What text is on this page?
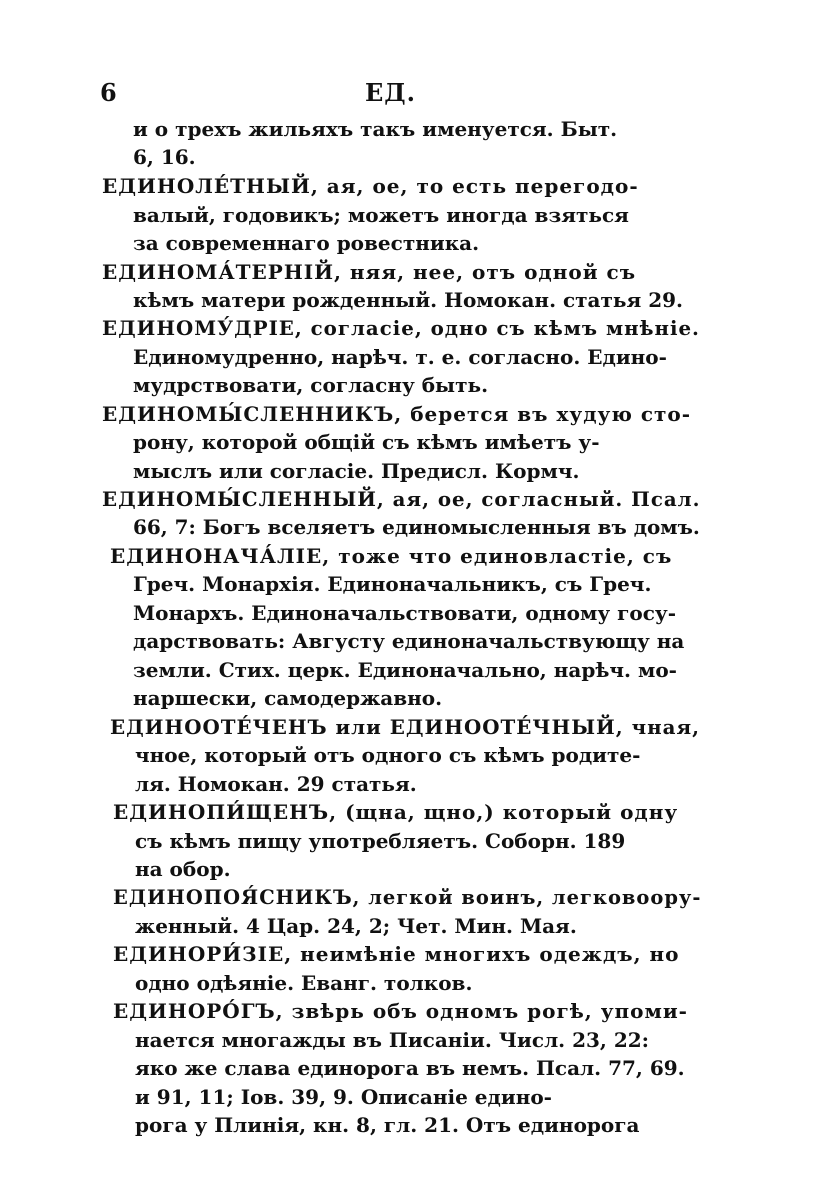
6	ЕД.
и о трехъ жильяхъ такъ именуется. Быт.
6, 16.
ЕДИНОЛЕ́ТНЫЙ, ая, ое, то есть перегодо-
валый, годовикъ; можетъ иногда взяться
за современнаго ровестника.
ЕДИНОМА́ТЕРНІЙ, няя, нее, отъ одной съ
кѣмъ матери рожденный. Номокан. статья 29.
ЕДИНОМУ́ДРІЕ, согласіе, одно съ кѣмъ мнѣніе.
Единомудренно, нарѣч. т. е. согласно. Едино-
мудрствовати, согласну быть.
ЕДИНОМЫ́СЛЕННИКЪ, берется въ худую сто-
рону, которой общій съ кѣмъ имѣетъ у-
мыслъ или согласіе. Предисл. Кормч.
ЕДИНОМЫ́СЛЕННЫЙ, ая, ое, согласный. Псал.
66, 7: Богъ вселяетъ единомысленныя въ домъ.
ЕДИНОНАЧА́ЛІЕ, тоже что единовластіе, съ
Греч. Монархія. Единоначальникъ, съ Греч.
Монархъ. Единоначальствовати, одному госу-
дарствовать: Августу единоначальствующу на
земли. Стих. церк. Единоначально, нарѣч. мо-
наршески, самодержавно.
ЕДИНООТЕ́ЧЕНЪ или ЕДИНООТЕ́ЧНЫЙ, чная,
чное, который отъ одного съ кѣмъ родите-
ля. Номокан. 29 статья.
ЕДИНОПИ́ЩЕНЪ, (щна, щно,) который одну
съ кѣмъ пищу употребляетъ. Соборн. 189
на обор.
ЕДИНОПОЯ́СНИКЪ, легкой воинъ, легковоору-
женный. 4 Цар. 24, 2; Чет. Мин. Мая.
ЕДИНОРИ́ЗІЕ, неимѣніе многихъ одеждъ, но
одно одѣяніе. Еванг. толков.
ЕДИНОРО́ГЪ, звѣрь объ одномъ рогѣ, упоми-
нается многажды въ Писаніи. Числ. 23, 22:
яко же слава единорога въ немъ. Псал. 77, 69.
и 91, 11; Іов. 39, 9. Описаніе едино-
рога у Плинія, кн. 8, гл. 21. Отъ единорога
